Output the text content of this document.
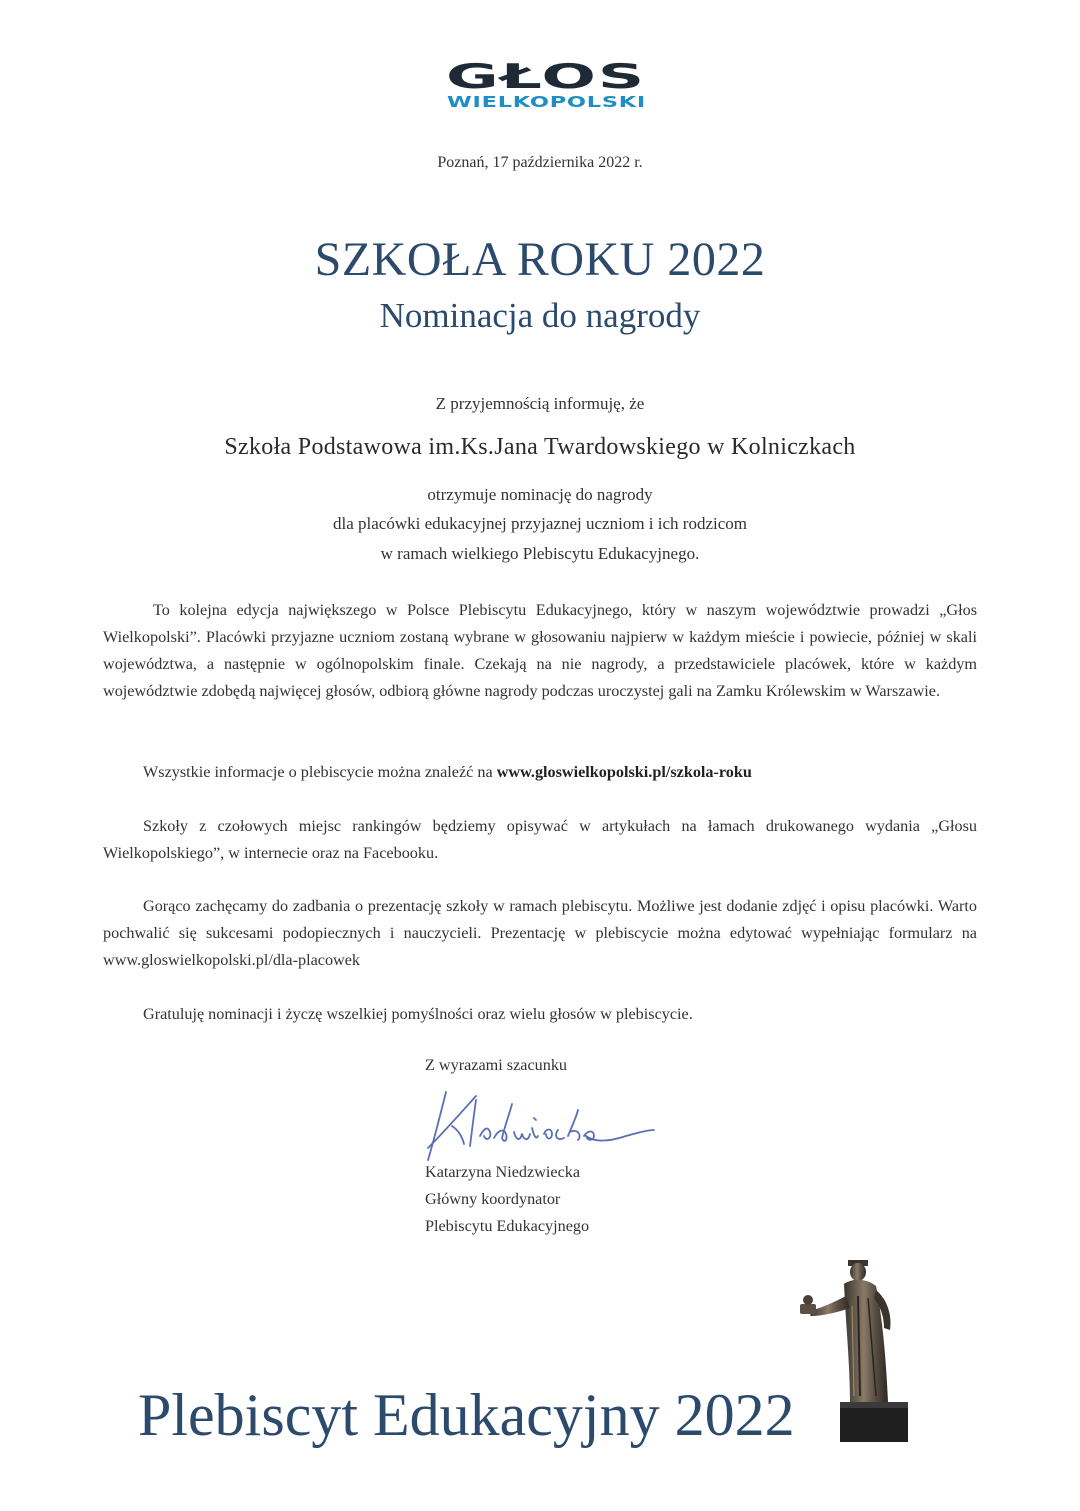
GŁOS
WIELKOPOLSKI
Poznań, 17 października 2022 r.
SZKOŁA ROKU 2022
Nominacja do nagrody
Z przyjemnością informuję, że
Szkoła Podstawowa im.Ks.Jana Twardowskiego w Kolniczkach
otrzymuje nominację do nagrody
dla placówki edukacyjnej przyjaznej uczniom i ich rodzicom
w ramach wielkiego Plebiscytu Edukacyjnego.

To kolejna edycja największego w Polsce Plebiscytu Edukacyjnego, który w naszym województwie prowadzi „Głos Wielkopolski”. Placówki przyjazne uczniom zostaną wybrane w głosowaniu najpierw w każdym mieście i powiecie, później w skali województwa, a następnie w ogólnopolskim finale. Czekają na nie nagrody, a przedstawiciele placówek, które w każdym województwie zdobędą najwięcej głosów, odbiorą główne nagrody podczas uroczystej gali na Zamku Królewskim w Warszawie.

Wszystkie informacje o plebiscycie można znaleźć na www.gloswielkopolski.pl/szkola-roku

Szkoły z czołowych miejsc rankingów będziemy opisywać w artykułach na łamach drukowanego wydania „Głosu Wielkopolskiego”, w internecie oraz na Facebooku.

Gorąco zachęcamy do zadbania o prezentację szkoły w ramach plebiscytu. Możliwe jest dodanie zdjęć i opisu placówki. Warto pochwalić się sukcesami podopiecznych i nauczycieli. Prezentację w plebiscycie można edytować wypełniając formularz na www.gloswielkopolski.pl/dla-placowek

Gratuluję nominacji i życzę wszelkiej pomyślności oraz wielu głosów w plebiscycie.

Z wyrazami szacunku
Katarzyna Niedzwiecka
Główny koordynator
Plebiscytu Edukacyjnego
Plebiscyt Edukacyjny 2022
